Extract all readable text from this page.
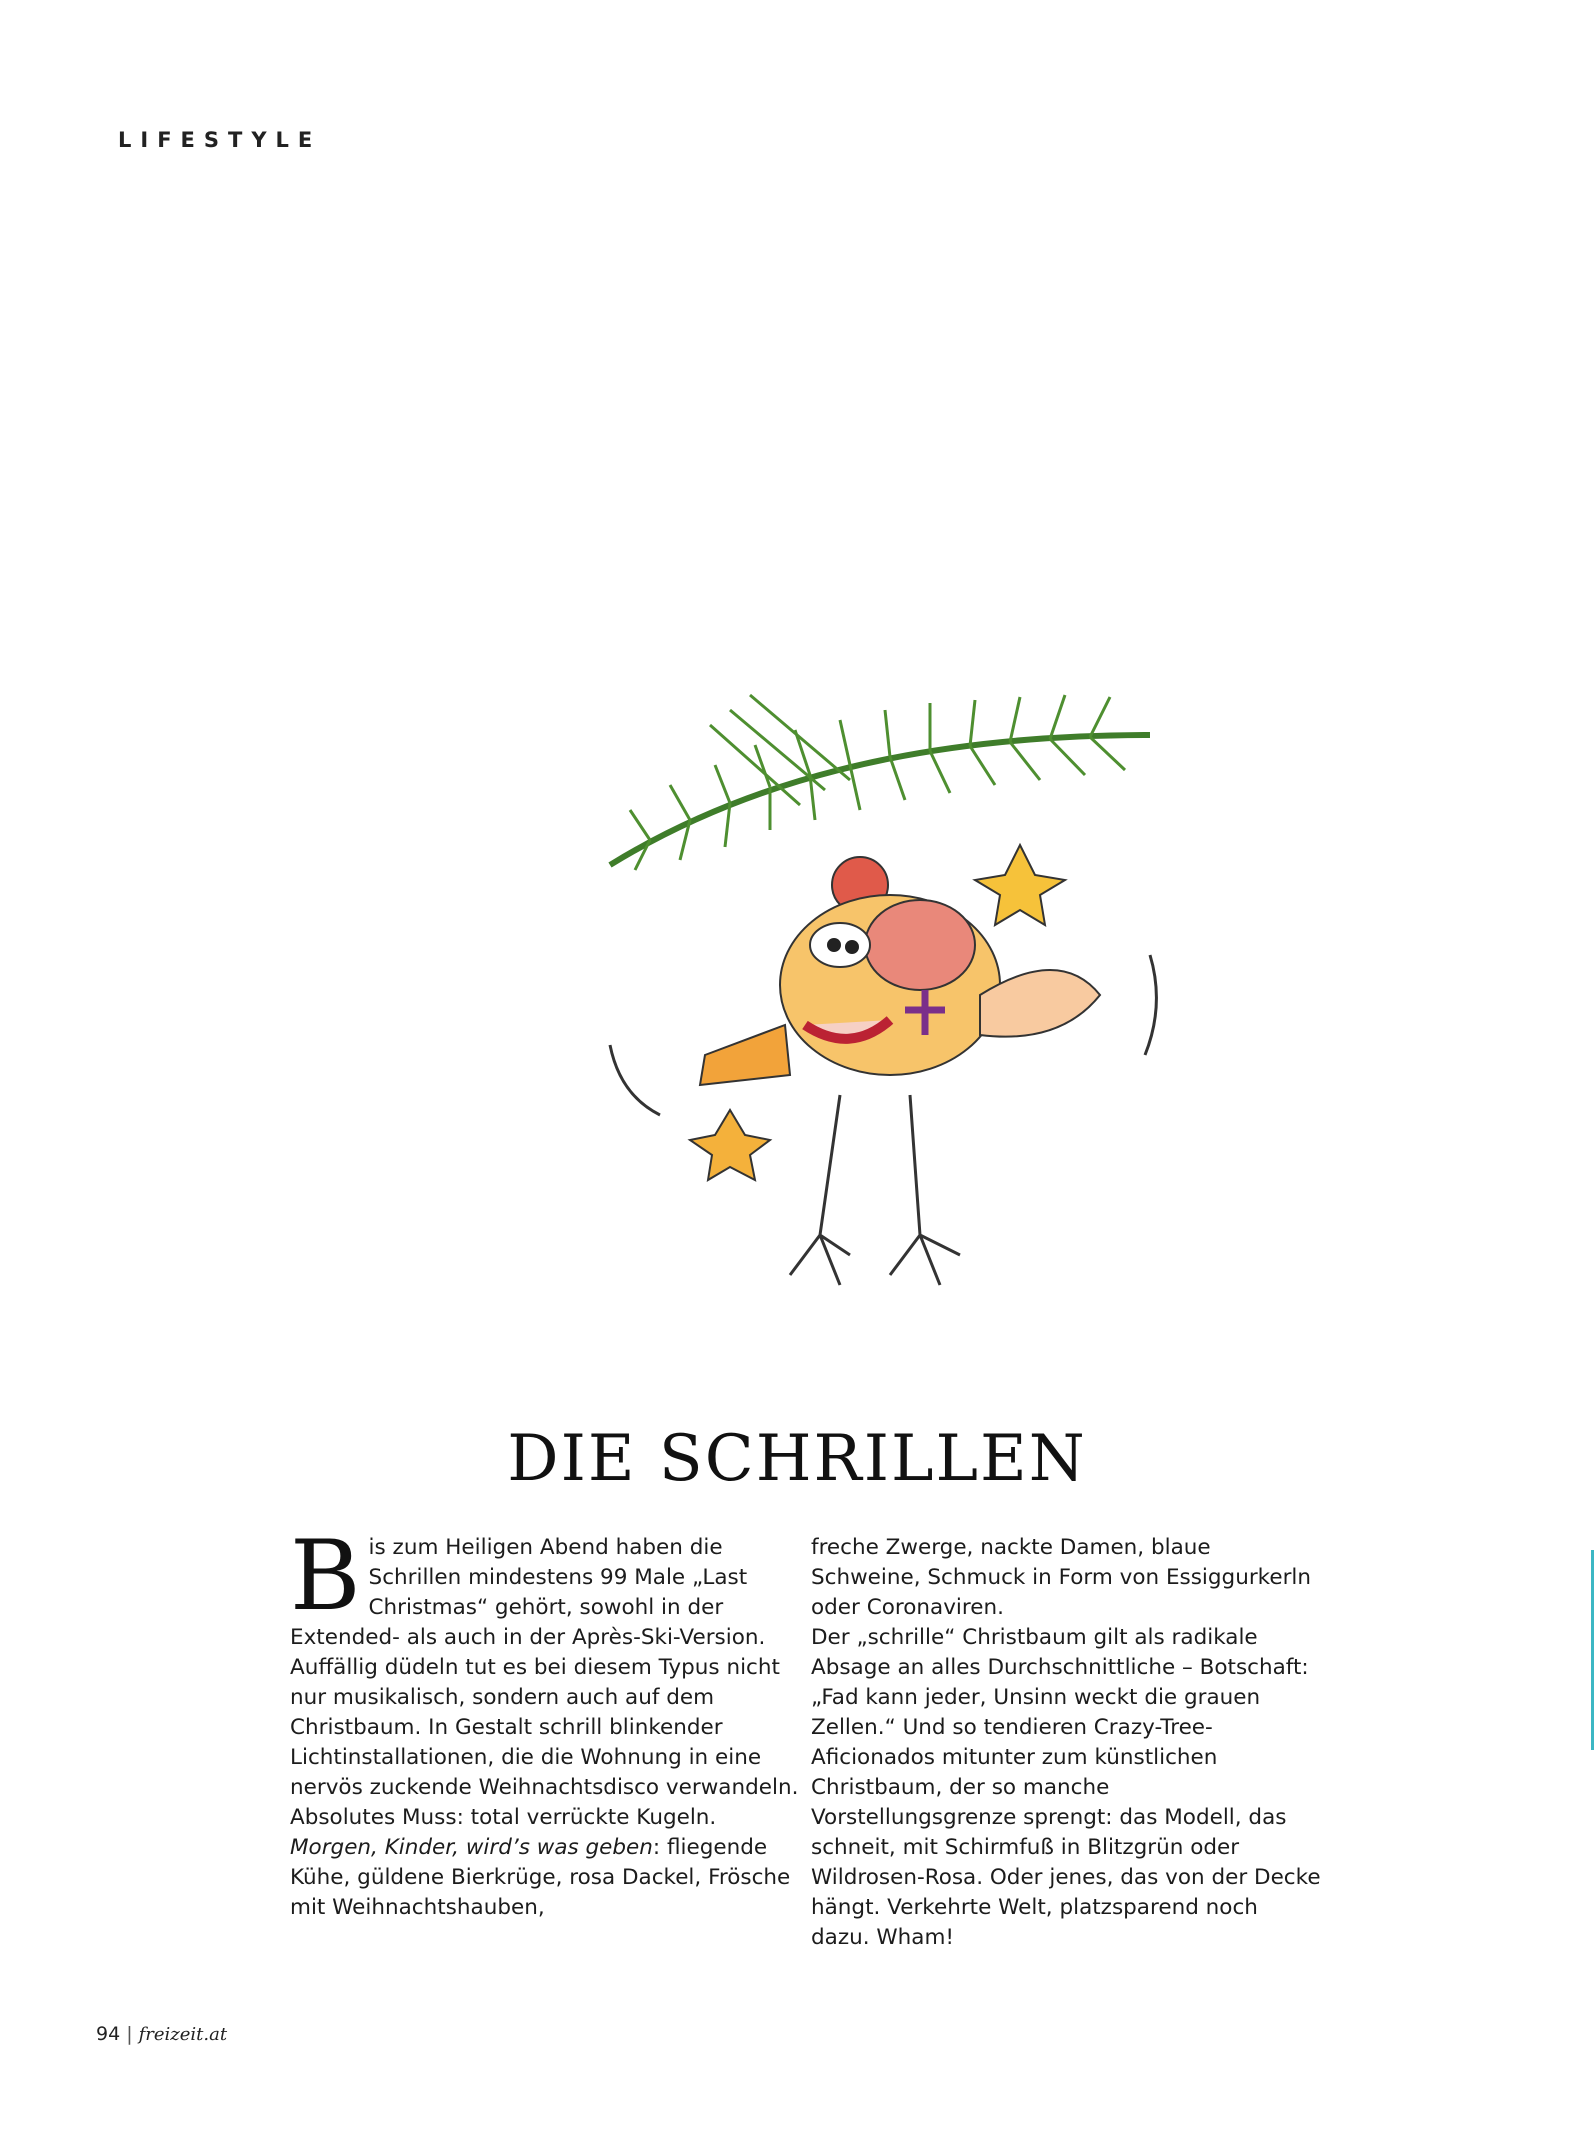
LIFESTYLE
DIE SCHRILLEN

Bis zum Heiligen Abend haben die Schrillen mindestens 99 Male „Last Christmas“ gehört, sowohl in der Extended- als auch in der Après-Ski-Version. Auffällig düdeln tut es bei diesem Typus nicht nur musikalisch, sondern auch auf dem Christbaum. In Gestalt schrill blinkender Lichtinstallationen, die die Wohnung in eine nervös zuckende Weihnachtsdisco verwandeln. Absolutes Muss: total verrückte Kugeln. Morgen, Kinder, wird’s was geben: fliegende Kühe, güldene Bierkrüge, rosa Dackel, Frösche mit Weihnachtshauben,

freche Zwerge, nackte Damen, blaue Schweine, Schmuck in Form von Essiggurkerln oder Coronaviren.

Der „schrille“ Christbaum gilt als radikale Absage an alles Durchschnittliche – Botschaft: „Fad kann jeder, Unsinn weckt die grauen Zellen.“ Und so tendieren Crazy-Tree-Aficionados mitunter zum künstlichen Christbaum, der so manche Vorstellungsgrenze sprengt: das Modell, das schneit, mit Schirmfuß in Blitzgrün oder Wildrosen-Rosa. Oder jenes, das von der Decke hängt. Verkehrte Welt, platzsparend noch dazu. Wham!

94 | freizeit.at
